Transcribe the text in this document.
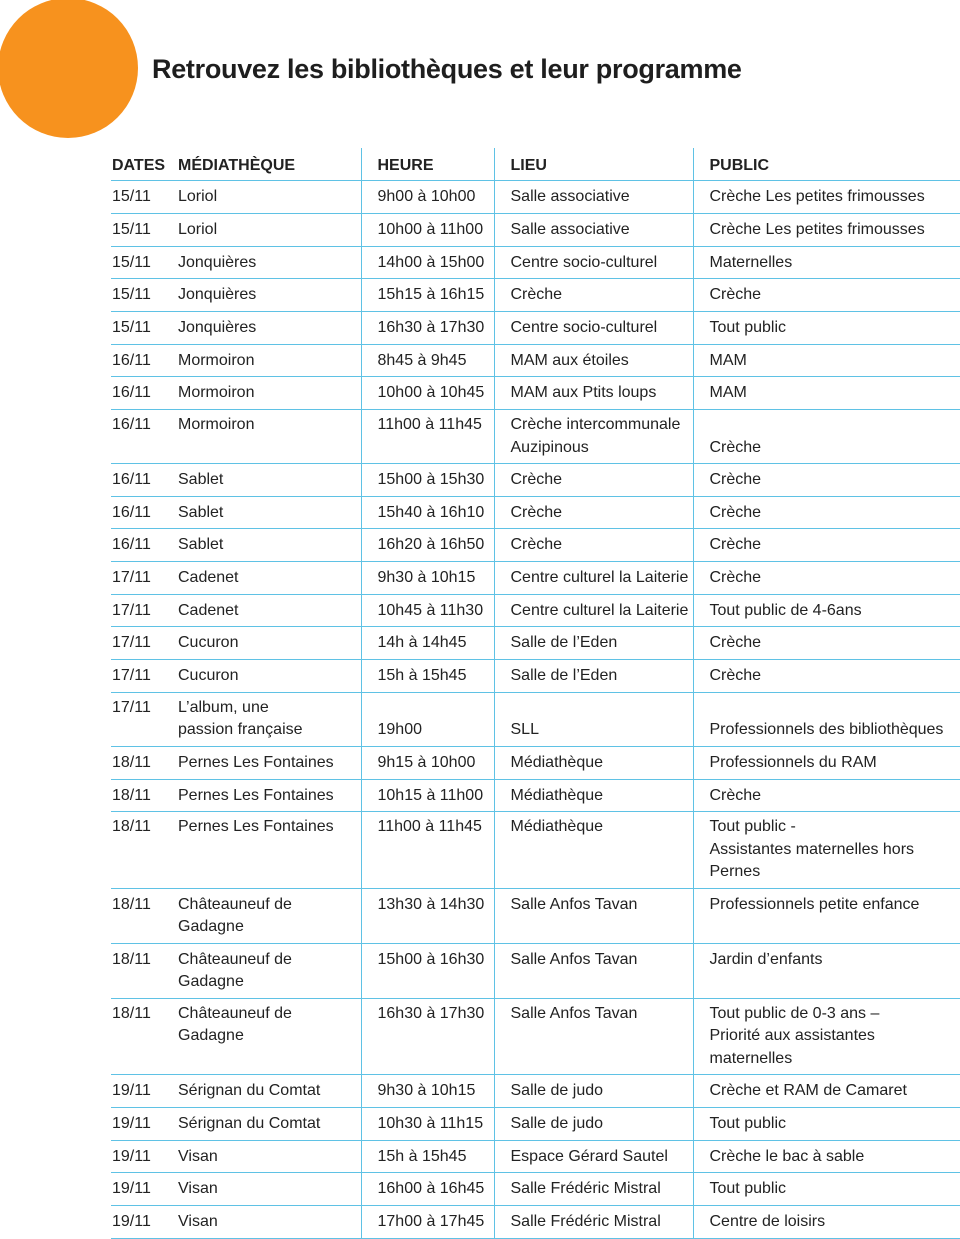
Retrouvez les bibliothèques et leur programme
DATES	MÉDIATHÈQUE	HEURE	LIEU	PUBLIC
15/11	Loriol	9h00 à 10h00	Salle associative	Crèche Les petites frimousses
15/11	Loriol	10h00 à 11h00	Salle associative	Crèche Les petites frimousses
15/11	Jonquières	14h00 à 15h00	Centre socio-culturel	Maternelles
15/11	Jonquières	15h15 à 16h15	Crèche	Crèche
15/11	Jonquières	16h30 à 17h30	Centre socio-culturel	Tout public
16/11	Mormoiron	8h45 à 9h45	MAM aux étoiles	MAM
16/11	Mormoiron	10h00 à 10h45	MAM aux Ptits loups	MAM
16/11	Mormoiron	11h00 à 11h45	Crèche intercommunale
Auzipinous	Crèche
16/11	Sablet	15h00 à 15h30	Crèche	Crèche
16/11	Sablet	15h40 à 16h10	Crèche	Crèche
16/11	Sablet	16h20 à 16h50	Crèche	Crèche
17/11	Cadenet	9h30 à 10h15	Centre culturel la Laiterie	Crèche
17/11	Cadenet	10h45 à 11h30	Centre culturel la Laiterie	Tout public de 4-6ans
17/11	Cucuron	14h à 14h45	Salle de l’Eden	Crèche
17/11	Cucuron	15h à 15h45	Salle de l’Eden	Crèche
17/11	L’album, une
passion française	19h00	SLL	Professionnels des bibliothèques
18/11	Pernes Les Fontaines	9h15 à 10h00	Médiathèque	Professionnels du RAM
18/11	Pernes Les Fontaines	10h15 à 11h00	Médiathèque	Crèche
18/11	Pernes Les Fontaines	11h00 à 11h45	Médiathèque	Tout public -
Assistantes maternelles hors Pernes
18/11	Châteauneuf de Gadagne	13h30 à 14h30	Salle Anfos Tavan	Professionnels petite enfance
18/11	Châteauneuf de Gadagne	15h00 à 16h30	Salle Anfos Tavan	Jardin d’enfants
18/11	Châteauneuf de Gadagne	16h30 à 17h30	Salle Anfos Tavan	Tout public de 0-3 ans –
Priorité aux assistantes maternelles
19/11	Sérignan du Comtat	9h30 à 10h15	Salle de judo	Crèche et RAM de Camaret
19/11	Sérignan du Comtat	10h30 à 11h15	Salle de judo	Tout public
19/11	Visan	15h à 15h45	Espace Gérard Sautel	Crèche le bac à sable
19/11	Visan	16h00 à 16h45	Salle Frédéric Mistral	Tout public
19/11	Visan	17h00 à 17h45	Salle Frédéric Mistral	Centre de loisirs
